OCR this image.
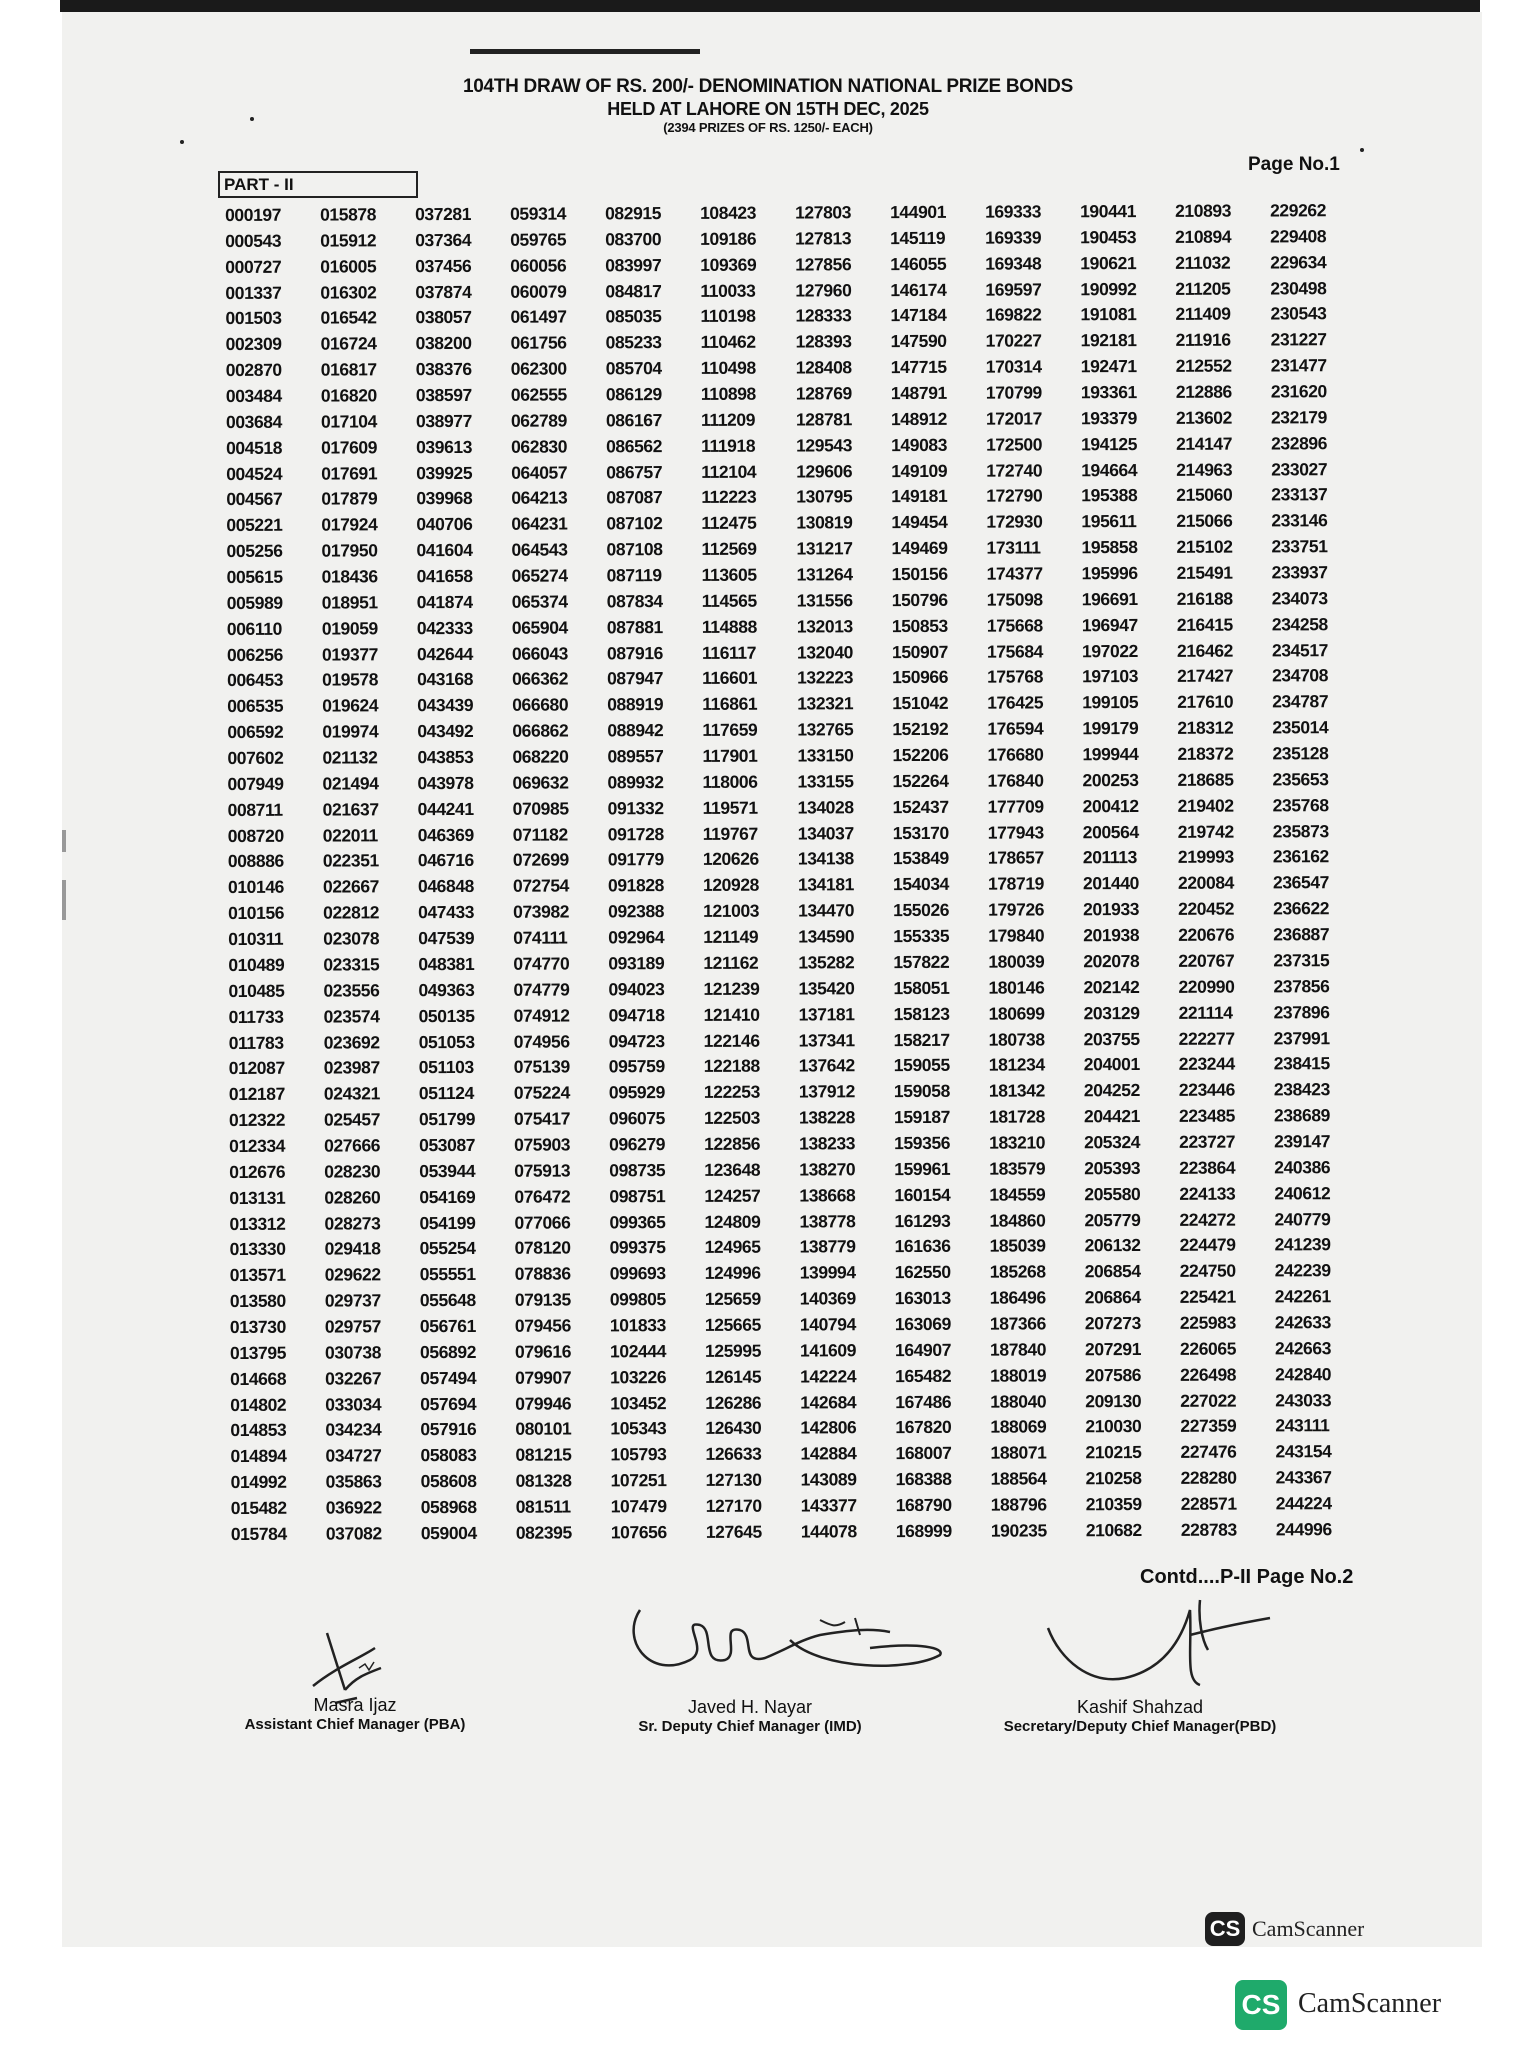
104TH DRAW OF RS. 200/- DENOMINATION NATIONAL PRIZE BONDS
HELD AT LAHORE ON 15TH DEC, 2025
(2394 PRIZES OF RS. 1250/- EACH)
PART - II
Page No.1
000197
000543
000727
001337
001503
002309
002870
003484
003684
004518
004524
004567
005221
005256
005615
005989
006110
006256
006453
006535
006592
007602
007949
008711
008720
008886
010146
010156
010311
010489
010485
011733
011783
012087
012187
012322
012334
012676
013131
013312
013330
013571
013580
013730
013795
014668
014802
014853
014894
014992
015482
015784
015878
015912
016005
016302
016542
016724
016817
016820
017104
017609
017691
017879
017924
017950
018436
018951
019059
019377
019578
019624
019974
021132
021494
021637
022011
022351
022667
022812
023078
023315
023556
023574
023692
023987
024321
025457
027666
028230
028260
028273
029418
029622
029737
029757
030738
032267
033034
034234
034727
035863
036922
037082
037281
037364
037456
037874
038057
038200
038376
038597
038977
039613
039925
039968
040706
041604
041658
041874
042333
042644
043168
043439
043492
043853
043978
044241
046369
046716
046848
047433
047539
048381
049363
050135
051053
051103
051124
051799
053087
053944
054169
054199
055254
055551
055648
056761
056892
057494
057694
057916
058083
058608
058968
059004
059314
059765
060056
060079
061497
061756
062300
062555
062789
062830
064057
064213
064231
064543
065274
065374
065904
066043
066362
066680
066862
068220
069632
070985
071182
072699
072754
073982
074111
074770
074779
074912
074956
075139
075224
075417
075903
075913
076472
077066
078120
078836
079135
079456
079616
079907
079946
080101
081215
081328
081511
082395
082915
083700
083997
084817
085035
085233
085704
086129
086167
086562
086757
087087
087102
087108
087119
087834
087881
087916
087947
088919
088942
089557
089932
091332
091728
091779
091828
092388
092964
093189
094023
094718
094723
095759
095929
096075
096279
098735
098751
099365
099375
099693
099805
101833
102444
103226
103452
105343
105793
107251
107479
107656
108423
109186
109369
110033
110198
110462
110498
110898
111209
111918
112104
112223
112475
112569
113605
114565
114888
116117
116601
116861
117659
117901
118006
119571
119767
120626
120928
121003
121149
121162
121239
121410
122146
122188
122253
122503
122856
123648
124257
124809
124965
124996
125659
125665
125995
126145
126286
126430
126633
127130
127170
127645
127803
127813
127856
127960
128333
128393
128408
128769
128781
129543
129606
130795
130819
131217
131264
131556
132013
132040
132223
132321
132765
133150
133155
134028
134037
134138
134181
134470
134590
135282
135420
137181
137341
137642
137912
138228
138233
138270
138668
138778
138779
139994
140369
140794
141609
142224
142684
142806
142884
143089
143377
144078
144901
145119
146055
146174
147184
147590
147715
148791
148912
149083
149109
149181
149454
149469
150156
150796
150853
150907
150966
151042
152192
152206
152264
152437
153170
153849
154034
155026
155335
157822
158051
158123
158217
159055
159058
159187
159356
159961
160154
161293
161636
162550
163013
163069
164907
165482
167486
167820
168007
168388
168790
168999
169333
169339
169348
169597
169822
170227
170314
170799
172017
172500
172740
172790
172930
173111
174377
175098
175668
175684
175768
176425
176594
176680
176840
177709
177943
178657
178719
179726
179840
180039
180146
180699
180738
181234
181342
181728
183210
183579
184559
184860
185039
185268
186496
187366
187840
188019
188040
188069
188071
188564
188796
190235
190441
190453
190621
190992
191081
192181
192471
193361
193379
194125
194664
195388
195611
195858
195996
196691
196947
197022
197103
199105
199179
199944
200253
200412
200564
201113
201440
201933
201938
202078
202142
203129
203755
204001
204252
204421
205324
205393
205580
205779
206132
206854
206864
207273
207291
207586
209130
210030
210215
210258
210359
210682
210893
210894
211032
211205
211409
211916
212552
212886
213602
214147
214963
215060
215066
215102
215491
216188
216415
216462
217427
217610
218312
218372
218685
219402
219742
219993
220084
220452
220676
220767
220990
221114
222277
223244
223446
223485
223727
223864
224133
224272
224479
224750
225421
225983
226065
226498
227022
227359
227476
228280
228571
228783
229262
229408
229634
230498
230543
231227
231477
231620
232179
232896
233027
233137
233146
233751
233937
234073
234258
234517
234708
234787
235014
235128
235653
235768
235873
236162
236547
236622
236887
237315
237856
237896
237991
238415
238423
238689
239147
240386
240612
240779
241239
242239
242261
242633
242663
242840
243033
243111
243154
243367
244224
244996
Contd....P-II Page No.2
Masra Ijaz
Assistant Chief Manager (PBA)
Javed H. Nayar
Sr. Deputy Chief Manager (IMD)
Kashif Shahzad
Secretary/Deputy Chief Manager(PBD)
CS CamScanner
CS CamScanner
